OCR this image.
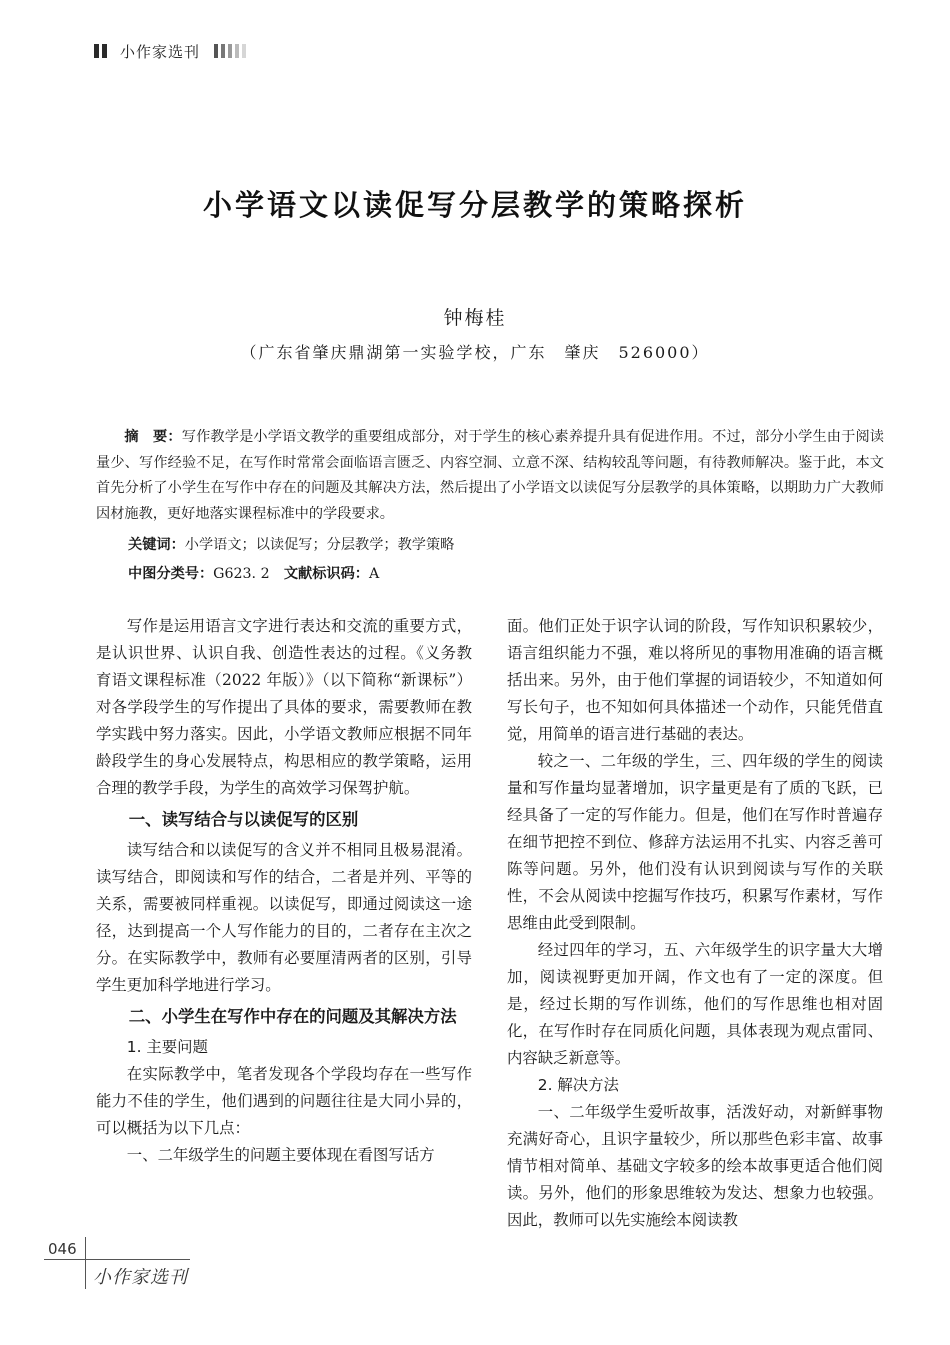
小作家选刊
小学语文以读促写分层教学的策略探析
钟梅桂
（广东省肇庆鼎湖第一实验学校，广东　肇庆　526000）
摘　要：写作教学是小学语文教学的重要组成部分，对于学生的核心素养提升具有促进作用。不过，部分小学生由于阅读量少、写作经验不足，在写作时常常会面临语言匮乏、内容空洞、立意不深、结构较乱等问题，有待教师解决。鉴于此，本文首先分析了小学生在写作中存在的问题及其解决方法，然后提出了小学语文以读促写分层教学的具体策略，以期助力广大教师因材施教，更好地落实课程标准中的学段要求。
关键词：小学语文；以读促写；分层教学；教学策略
中图分类号：G623. 2　 文献标识码：A

写作是运用语言文字进行表达和交流的重要方式，是认识世界、认识自我、创造性表达的过程。《义务教育语文课程标准（2022 年版）》（以下简称“新课标”）对各学段学生的写作提出了具体的要求，需要教师在教学实践中努力落实。因此，小学语文教师应根据不同年龄段学生的身心发展特点，构思相应的教学策略，运用合理的教学手段，为学生的高效学习保驾护航。

一、读写结合与以读促写的区别

读写结合和以读促写的含义并不相同且极易混淆。读写结合，即阅读和写作的结合，二者是并列、平等的关系，需要被同样重视。以读促写，即通过阅读这一途径，达到提高一个人写作能力的目的，二者存在主次之分。在实际教学中，教师有必要厘清两者的区别，引导学生更加科学地进行学习。

二、小学生在写作中存在的问题及其解决方法
1. 主要问题

在实际教学中，笔者发现各个学段均存在一些写作能力不佳的学生，他们遇到的问题往往是大同小异的，可以概括为以下几点：

一、二年级学生的问题主要体现在看图写话方

面。他们正处于识字认词的阶段，写作知识积累较少，语言组织能力不强，难以将所见的事物用准确的语言概括出来。另外，由于他们掌握的词语较少，不知道如何写长句子，也不知如何具体描述一个动作，只能凭借直觉，用简单的语言进行基础的表达。

较之一、二年级的学生，三、四年级的学生的阅读量和写作量均显著增加，识字量更是有了质的飞跃，已经具备了一定的写作能力。但是，他们在写作时普遍存在细节把控不到位、修辞方法运用不扎实、内容乏善可陈等问题。另外，他们没有认识到阅读与写作的关联性，不会从阅读中挖掘写作技巧，积累写作素材，写作思维由此受到限制。

经过四年的学习，五、六年级学生的识字量大大增加，阅读视野更加开阔，作文也有了一定的深度。但是，经过长期的写作训练，他们的写作思维也相对固化，在写作时存在同质化问题，具体表现为观点雷同、内容缺乏新意等。

2. 解决方法

一、二年级学生爱听故事，活泼好动，对新鲜事物充满好奇心，且识字量较少，所以那些色彩丰富、故事情节相对简单、基础文字较多的绘本故事更适合他们阅读。另外，他们的形象思维较为发达、想象力也较强。因此，教师可以先实施绘本阅读教

046
小作家选刊
